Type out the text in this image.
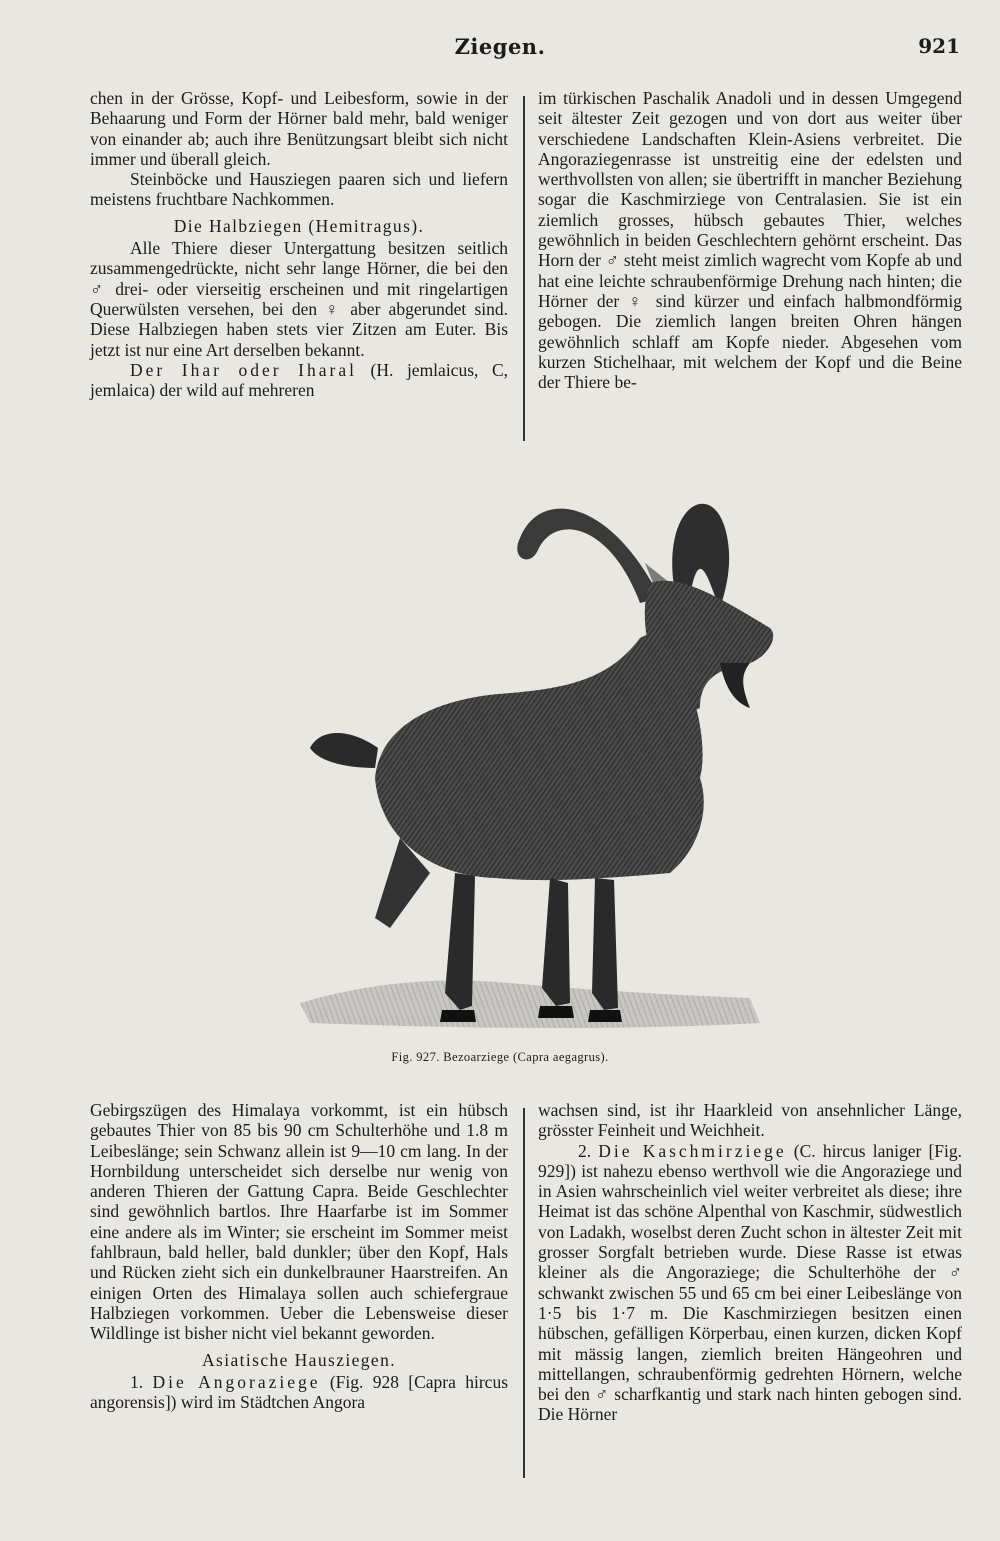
Ziegen.	921

chen in der Grösse, Kopf- und Leibesform, sowie in der Behaarung und Form der Hörner bald mehr, bald weniger von einander ab; auch ihre Benützungsart bleibt sich nicht immer und überall gleich.

Steinböcke und Hausziegen paaren sich und liefern meistens fruchtbare Nachkommen.

Die Halbziegen (Hemitragus).

Alle Thiere dieser Untergattung besitzen seitlich zusammengedrückte, nicht sehr lange Hörner, die bei den ♂ drei- oder vierseitig erscheinen und mit ringelartigen Querwülsten versehen, bei den ♀ aber abgerundet sind. Diese Halbziegen haben stets vier Zitzen am Euter. Bis jetzt ist nur eine Art derselben bekannt.

Der Ihar oder Iharal (H. jemlaicus, C, jemlaica) der wild auf mehreren

im türkischen Paschalik Anadoli und in dessen Umgegend seit ältester Zeit gezogen und von dort aus weiter über verschiedene Landschaften Klein-Asiens verbreitet. Die Angoraziegenrasse ist unstreitig eine der edelsten und werthvollsten von allen; sie übertrifft in mancher Beziehung sogar die Kaschmirziege von Centralasien. Sie ist ein ziemlich grosses, hübsch gebautes Thier, welches gewöhnlich in beiden Geschlechtern gehörnt erscheint. Das Horn der ♂ steht meist zimlich wagrecht vom Kopfe ab und hat eine leichte schraubenförmige Drehung nach hinten; die Hörner der ♀ sind kürzer und einfach halbmondförmig gebogen. Die ziemlich langen breiten Ohren hängen gewöhnlich schlaff am Kopfe nieder. Abgesehen vom kurzen Stichelhaar, mit welchem der Kopf und die Beine der Thiere be-

Fig. 927. Bezoarziege (Capra aegagrus).

Gebirgszügen des Himalaya vorkommt, ist ein hübsch gebautes Thier von 85 bis 90 cm Schulterhöhe und 1.8 m Leibeslänge; sein Schwanz allein ist 9—10 cm lang. In der Hornbildung unterscheidet sich derselbe nur wenig von anderen Thieren der Gattung Capra. Beide Geschlechter sind gewöhnlich bartlos. Ihre Haarfarbe ist im Sommer eine andere als im Winter; sie erscheint im Sommer meist fahlbraun, bald heller, bald dunkler; über den Kopf, Hals und Rücken zieht sich ein dunkelbrauner Haarstreifen. An einigen Orten des Himalaya sollen auch schiefergraue Halbziegen vorkommen. Ueber die Lebensweise dieser Wildlinge ist bisher nicht viel bekannt geworden.

Asiatische Hausziegen.

1. Die Angoraziege (Fig. 928 [Capra hircus angorensis]) wird im Städtchen Angora

wachsen sind, ist ihr Haarkleid von ansehnlicher Länge, grösster Feinheit und Weichheit.

2. Die Kaschmirziege (C. hircus laniger [Fig. 929]) ist nahezu ebenso werthvoll wie die Angoraziege und in Asien wahrscheinlich viel weiter verbreitet als diese; ihre Heimat ist das schöne Alpenthal von Kaschmir, südwestlich von Ladakh, woselbst deren Zucht schon in ältester Zeit mit grosser Sorgfalt betrieben wurde. Diese Rasse ist etwas kleiner als die Angoraziege; die Schulterhöhe der ♂ schwankt zwischen 55 und 65 cm bei einer Leibeslänge von 1·5 bis 1·7 m. Die Kaschmirziegen besitzen einen hübschen, gefälligen Körperbau, einen kurzen, dicken Kopf mit mässig langen, ziemlich breiten Hängeohren und mittellangen, schraubenförmig gedrehten Hörnern, welche bei den ♂ scharfkantig und stark nach hinten gebogen sind. Die Hörner
